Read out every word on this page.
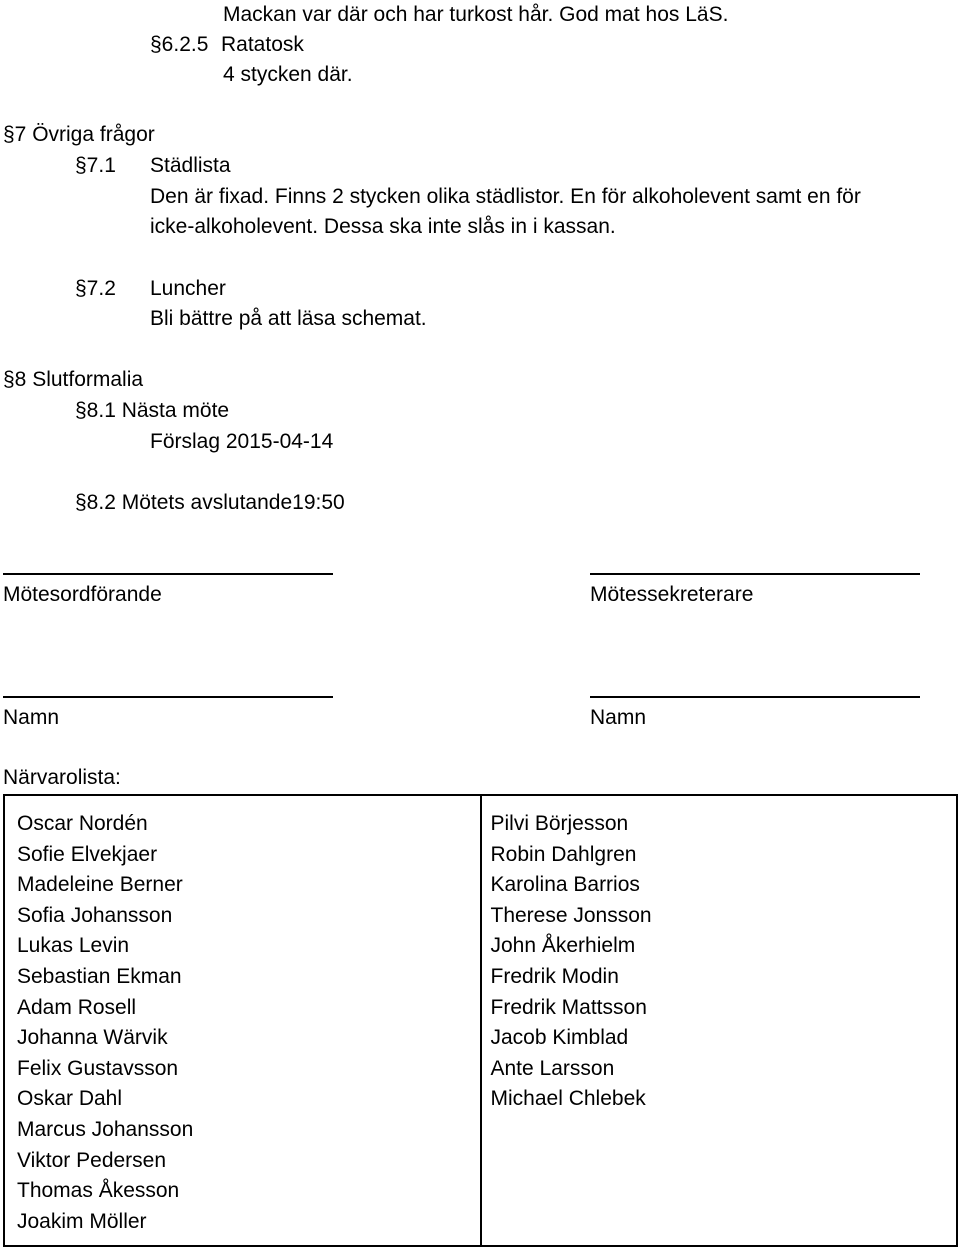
Mackan var där och har turkost hår. God mat hos LäS.
§6.2.5 Ratatosk
4 stycken där.
§7 Övriga frågor
§7.1 Städlista
Den är fixad. Finns 2 stycken olika städlistor. En för alkoholevent samt en för
icke-alkoholevent. Dessa ska inte slås in i kassan.
§7.2 Luncher
Bli bättre på att läsa schemat.
§8 Slutformalia
§8.1 Nästa möte
Förslag 2015-04-14
§8.2 Mötets avslutande19:50
Mötesordförande	Mötessekreterare
Namn	Namn
Närvarolista:
Oscar Nordén
Sofie Elvekjaer
Madeleine Berner
Sofia Johansson
Lukas Levin
Sebastian Ekman
Adam Rosell
Johanna Wärvik
Felix Gustavsson
Oskar Dahl
Marcus Johansson
Viktor Pedersen
Thomas Åkesson
Joakim Möller

Pilvi Börjesson
Robin Dahlgren
Karolina Barrios
Therese Jonsson
John Åkerhielm
Fredrik Modin
Fredrik Mattsson
Jacob Kimblad
Ante Larsson
Michael Chlebek
